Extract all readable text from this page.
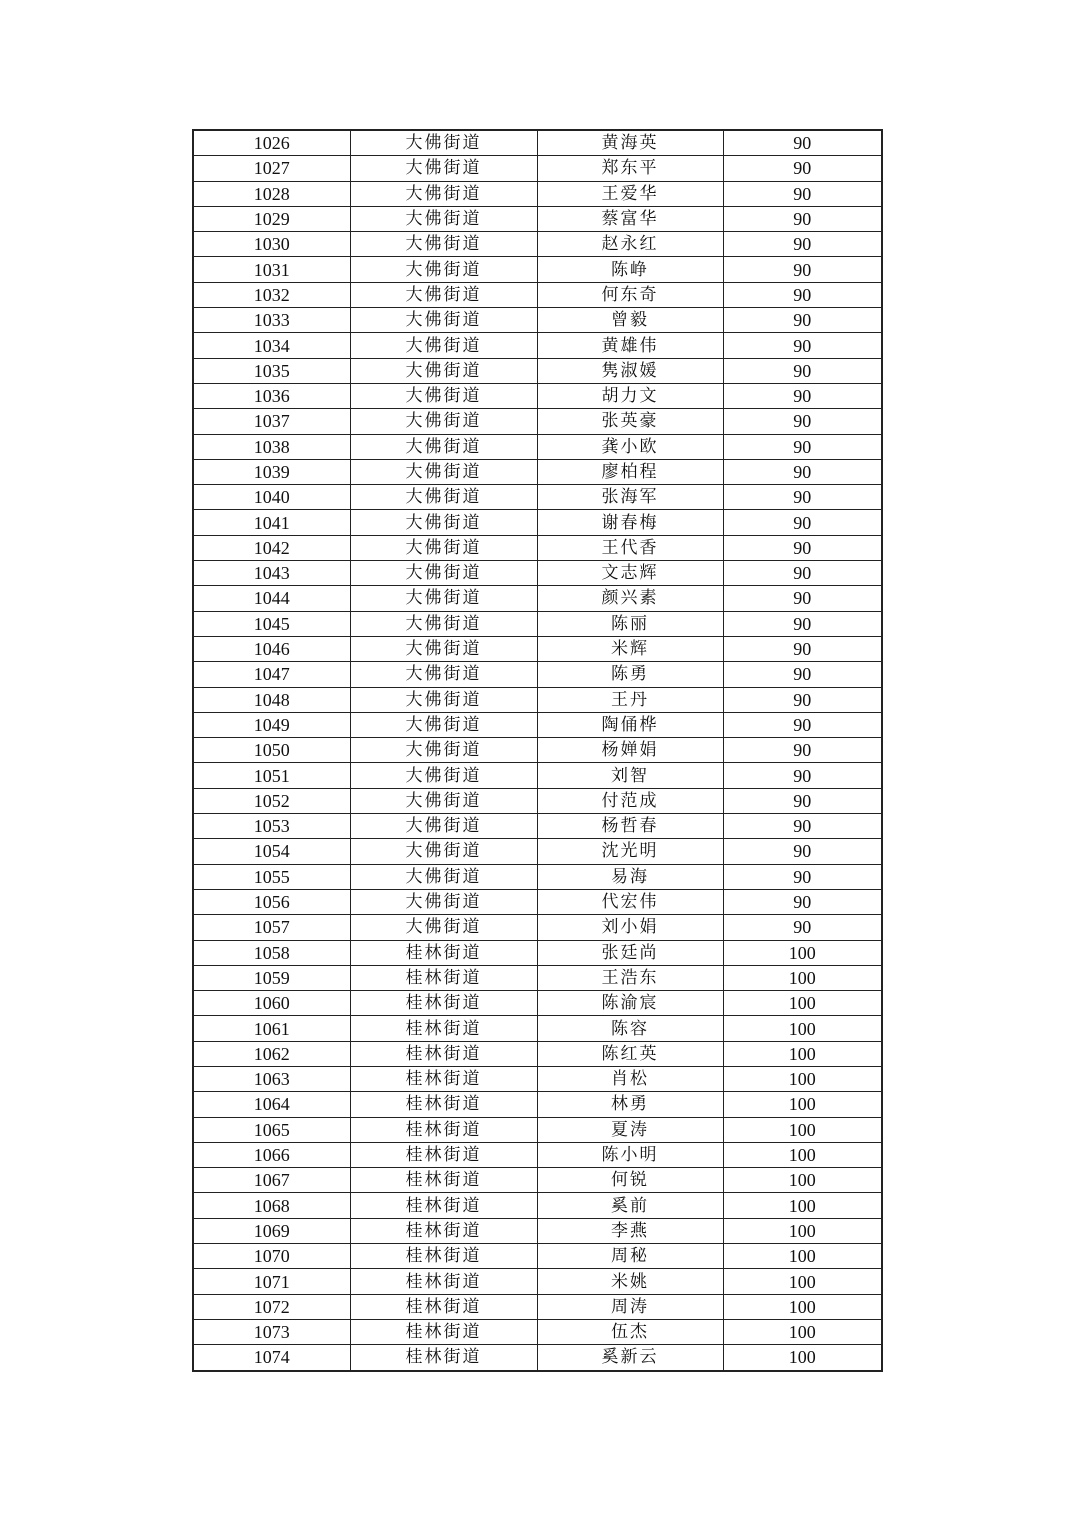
1026	大佛街道	黄海英	90
1027	大佛街道	郑东平	90
1028	大佛街道	王爱华	90
1029	大佛街道	蔡富华	90
1030	大佛街道	赵永红	90
1031	大佛街道	陈峥	90
1032	大佛街道	何东奇	90
1033	大佛街道	曾毅	90
1034	大佛街道	黄雄伟	90
1035	大佛街道	隽淑媛	90
1036	大佛街道	胡力文	90
1037	大佛街道	张英豪	90
1038	大佛街道	龚小欧	90
1039	大佛街道	廖柏程	90
1040	大佛街道	张海军	90
1041	大佛街道	谢春梅	90
1042	大佛街道	王代香	90
1043	大佛街道	文志辉	90
1044	大佛街道	颜兴素	90
1045	大佛街道	陈丽	90
1046	大佛街道	米辉	90
1047	大佛街道	陈勇	90
1048	大佛街道	王丹	90
1049	大佛街道	陶俑桦	90
1050	大佛街道	杨婵娟	90
1051	大佛街道	刘智	90
1052	大佛街道	付范成	90
1053	大佛街道	杨哲春	90
1054	大佛街道	沈光明	90
1055	大佛街道	易海	90
1056	大佛街道	代宏伟	90
1057	大佛街道	刘小娟	90
1058	桂林街道	张廷尚	100
1059	桂林街道	王浩东	100
1060	桂林街道	陈渝宸	100
1061	桂林街道	陈容	100
1062	桂林街道	陈红英	100
1063	桂林街道	肖松	100
1064	桂林街道	林勇	100
1065	桂林街道	夏涛	100
1066	桂林街道	陈小明	100
1067	桂林街道	何锐	100
1068	桂林街道	奚前	100
1069	桂林街道	李燕	100
1070	桂林街道	周秘	100
1071	桂林街道	米姚	100
1072	桂林街道	周涛	100
1073	桂林街道	伍杰	100
1074	桂林街道	奚新云	100
